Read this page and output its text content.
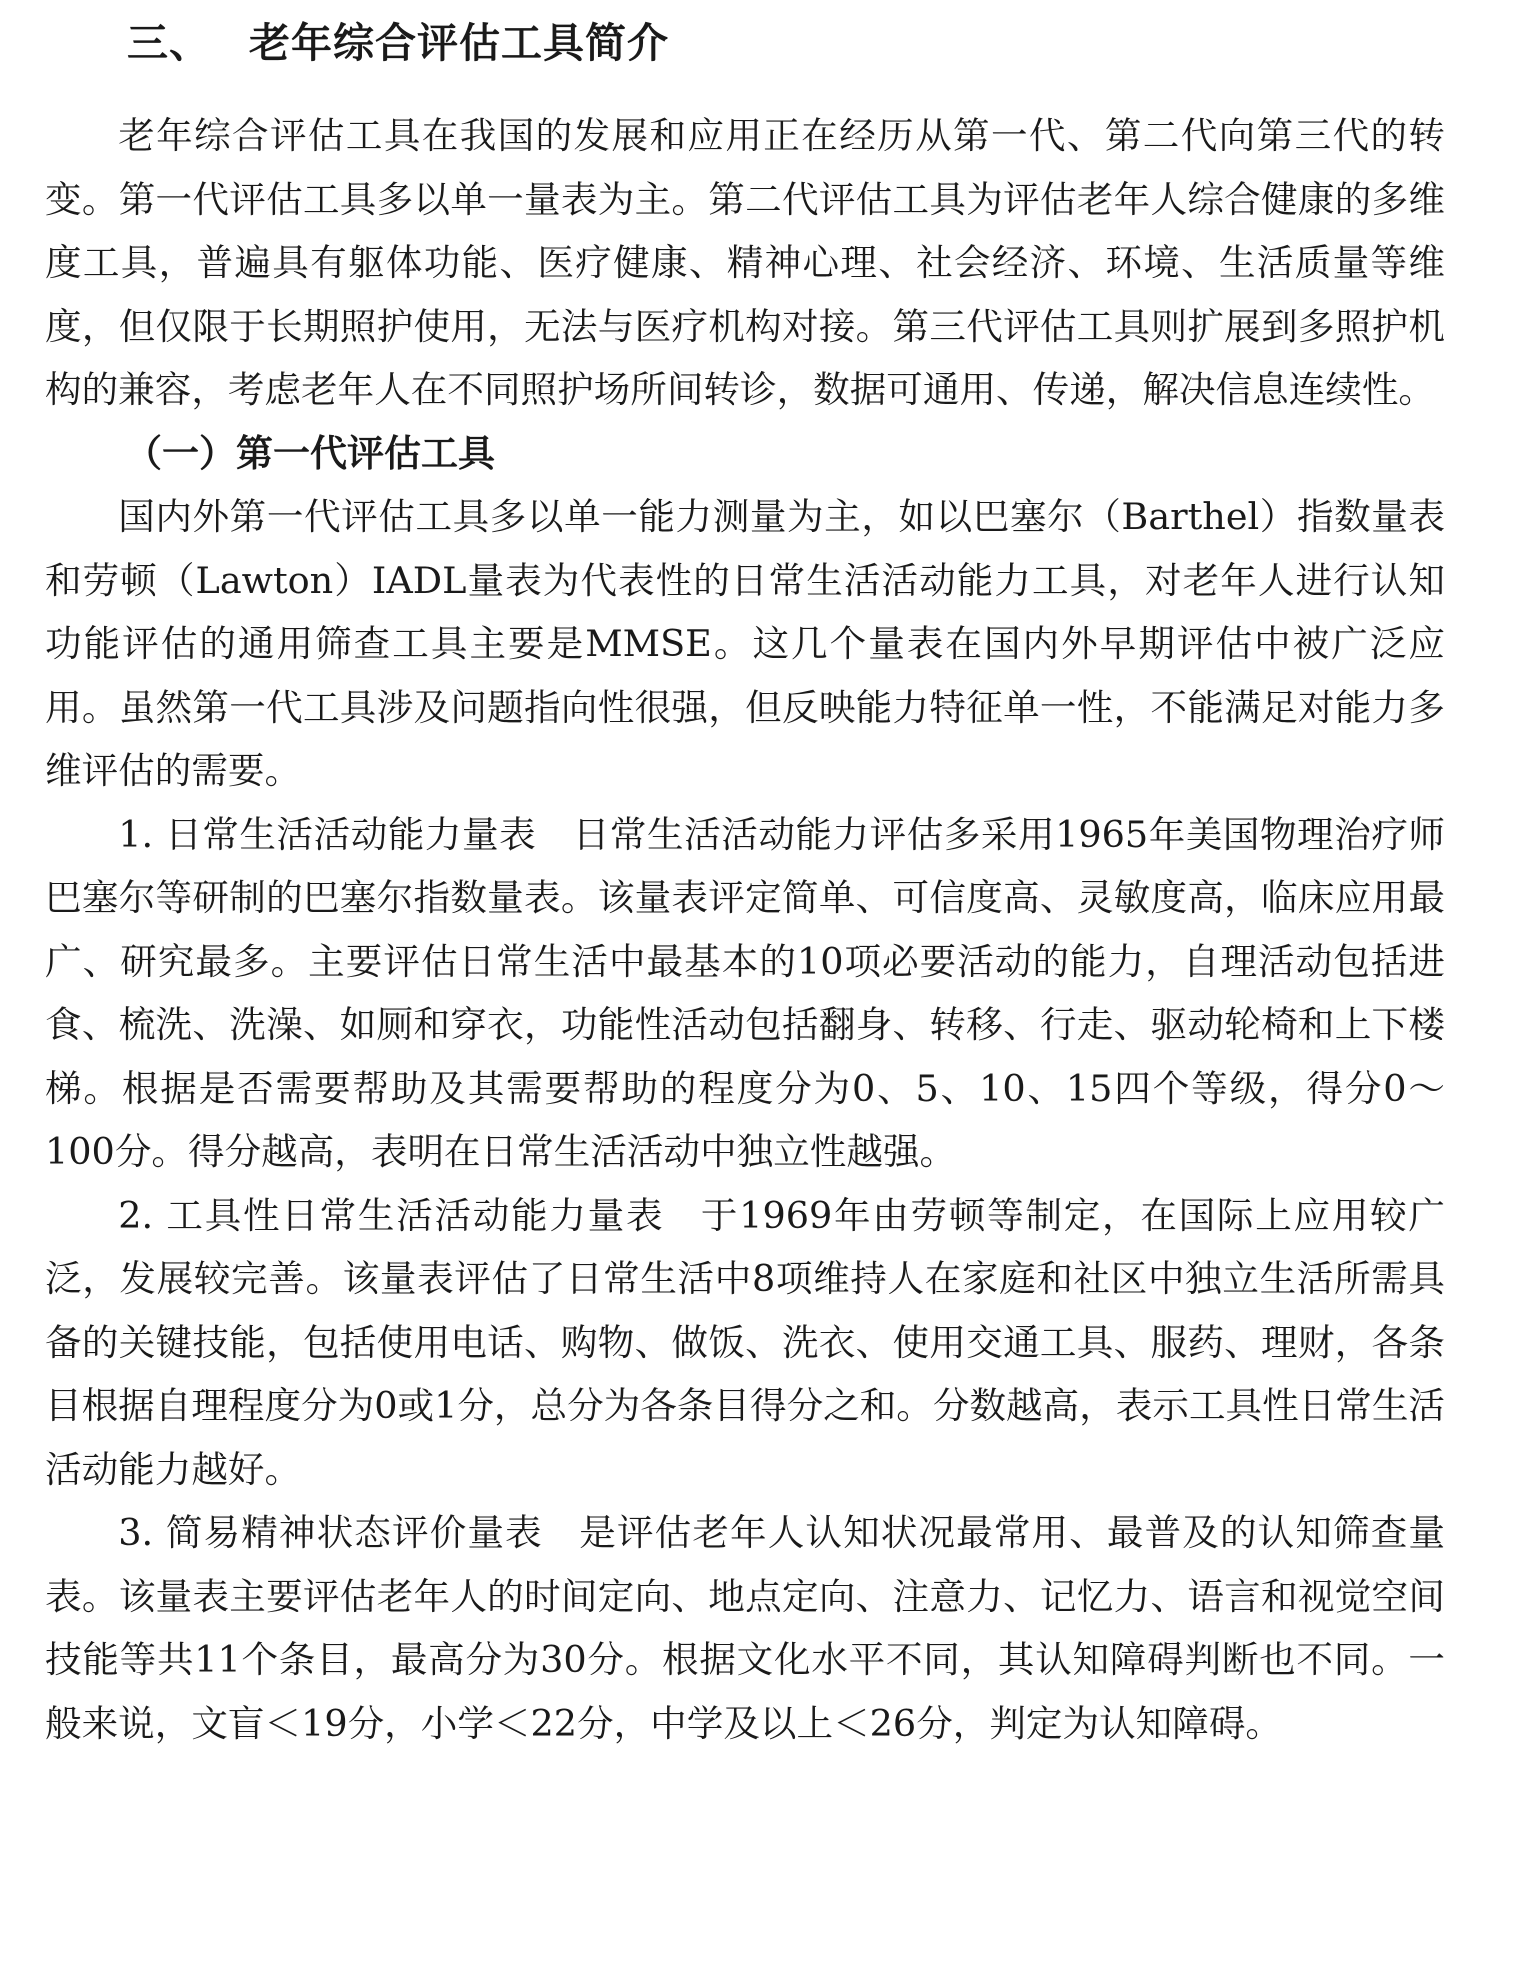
三、 老年综合评估工具简介

老年综合评估工具在我国的发展和应用正在经历从第一代、第二代向第三代的转变。第一代评估工具多以单一量表为主。第二代评估工具为评估老年人综合健康的多维度工具，普遍具有躯体功能、医疗健康、精神心理、社会经济、环境、生活质量等维度，但仅限于长期照护使用，无法与医疗机构对接。第三代评估工具则扩展到多照护机构的兼容，考虑老年人在不同照护场所间转诊，数据可通用、传递，解决信息连续性。

（一）第一代评估工具

国内外第一代评估工具多以单一能力测量为主，如以巴塞尔（Barthel）指数量表和劳顿（Lawton）IADL量表为代表性的日常生活活动能力工具，对老年人进行认知功能评估的通用筛查工具主要是MMSE。这几个量表在国内外早期评估中被广泛应用。虽然第一代工具涉及问题指向性很强，但反映能力特征单一性，不能满足对能力多维评估的需要。

1. 日常生活活动能力量表 日常生活活动能力评估多采用1965年美国物理治疗师巴塞尔等研制的巴塞尔指数量表。该量表评定简单、可信度高、灵敏度高，临床应用最广、研究最多。主要评估日常生活中最基本的10项必要活动的能力，自理活动包括进食、梳洗、洗澡、如厕和穿衣，功能性活动包括翻身、转移、行走、驱动轮椅和上下楼梯。根据是否需要帮助及其需要帮助的程度分为0、5、10、15四个等级，得分0～100分。得分越高，表明在日常生活活动中独立性越强。

2. 工具性日常生活活动能力量表 于1969年由劳顿等制定，在国际上应用较广泛，发展较完善。该量表评估了日常生活中8项维持人在家庭和社区中独立生活所需具备的关键技能，包括使用电话、购物、做饭、洗衣、使用交通工具、服药、理财，各条目根据自理程度分为0或1分，总分为各条目得分之和。分数越高，表示工具性日常生活活动能力越好。

3. 简易精神状态评价量表 是评估老年人认知状况最常用、最普及的认知筛查量表。该量表主要评估老年人的时间定向、地点定向、注意力、记忆力、语言和视觉空间技能等共11个条目，最高分为30分。根据文化水平不同，其认知障碍判断也不同。一般来说，文盲＜19分，小学＜22分，中学及以上＜26分，判定为认知障碍。
